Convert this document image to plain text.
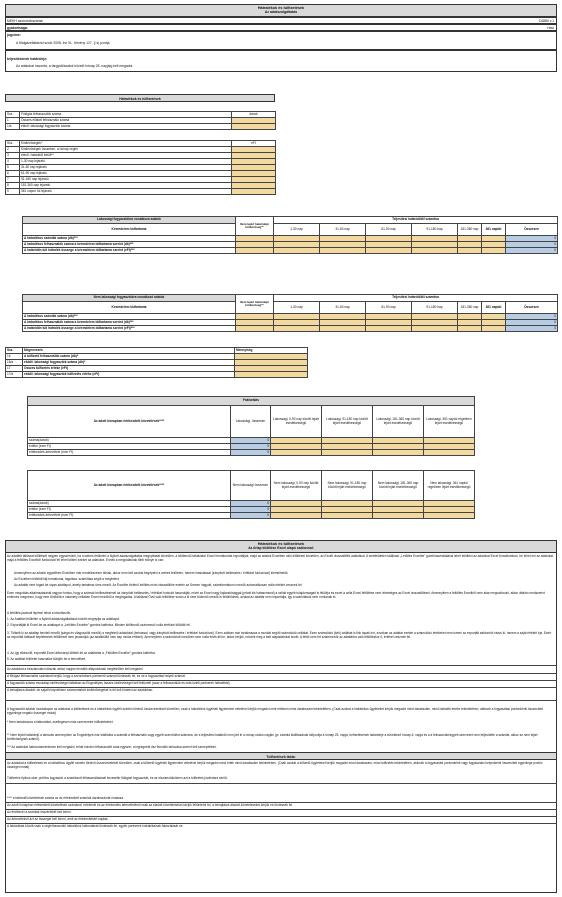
Hátralékok és túlfizetések
Az adatszolgáltatás
MEKH azonosítószáma:	C6880 v.1
gyakorisága:	Havi
jogcíme:
A földgázellátásról szóló 2008. évi XL. törvény 127. § s) pontja
teljesítésének határideje:
Az adatokat havonta, a tárgyidőszakot követő hónap 25. napjáig kell megadni.
Hátralékok és túlfizetések
Ssz.	Földgáz felhasználók száma	darab
1	Összes ellátott felhasználó száma	
1/a	ebből: lakossági fogyasztók száma	
Ssz.	Kintlévőségek*	eFt
2	Kintlévőségek összesen, a hónap végén	
3	ebből: határidőt belüli**	
4	1-30 nap lejáratú	
5	31-60 nap lejáratú	
6	61-90 nap lejáratú	
7	91-180 nap lejáratú	
8	181-360 nap lejáratú	
9	361 napon túl lejáratú	
Lakossági fogyasztókra vonatkozó adatok	Nem lejárt határidejű kintlévőség**	Teljesítési határidőtől számítva						
Kéemdelem kidfartama		1-30 nap	31-60 nap	61-90 nap	91-180 nap	181-360 nap	361 naptól	Összesen
A hátralékos számlák száma (db)***								0
A hátralékos felhasználók száma a kéemdelem időtartama szerint (db)***								0
A határidőn túli hátralék összege a kéemdelem időtartama szerint (eFt)***								0
Nem lakossági fogyasztókra vonatkozó adatok	Nem lejárt határidejű kintlévőség**	Teljesítési határidőtől számítva						
Kéemdelem kidfartama		1-30 nap	31-60 nap	61-90 nap	91-180 nap	181-360 nap	361 naptól	Összesen
A hátralékos számlák száma (db)***								0
A hátralékos felhasználók száma a kéemdelem időtartama szerint (db)***								0
A határidőn túli hátralék összege a kéemdelem időtartama szerint (eFt)***								0
Ssz.	Megnevezés	Mennyiség
16	A túlfizető felhasználók száma (db)*	
16/a	ebből: lakossági fogyasztók száma (db)*	
17	Összes túlfizetés értéke (eFt)	
17/a	ebből: lakossági fogyasztók túlfizetés értéke (eFt)	
Faktorálás					
Az adott hónapban értékesített követelések****	Lakossági, összesen	Lakossági, 0-90 nap között lejárt esedékességű	Lakossági, 91-180 nap között lejárt esedékességű	Lakossági, 181-360 nap között lejárt esedékességű	Lakossági, 361 naptól régebben lejárt esedékességű
száma(darab)	0				
értéke (ezer Ft)	0				
értékesítés árbevétele (ezer Ft)	0				
Az adott hónapban értékesített követelések****	Nem lakossági összesen	Nem lakossági, 0-90 nap között lejárt esedékességű	Nem lakossági, 91-180 nap között lejárt esedékességű	Nem lakossági, 181-360 nap között lejárt esedékességű	Nem lakossági, 361 naptól régebben lejárt esedékességű
száma(darab)	0				
értéke (ezer Ft)	0				
értékesítés árbevétele (ezer Ft)	0				
Hátralékok és túlfizetések
Az űrlap kitöltése Excel alapú sablonnal:
Az adatfelt táblázat kitöltését negyen egyszerűsíti, ha a webes felületen a Nyitott adatszolgáltatás megnyitását követően, a kitöltendő táblázatot Excel formátumba exportálják, majd az adatok Excelben való kitöltését követően, az Excelt visszatölték adatokkal. A webfelületen található „Letöltés Excelbe” gombhasználatával lehet letölteni az adatokat Excel formátumban, be lehet írni az adatokat, majd a feltöltés Excelből funkcióval fel lehet tölteni ezeket az adatokra. Ennek a megoldásnak több előnye is van:
Amennyiben az adatok egyidőben Excelben már rendelkezésre állnak, akkor nem kell azokat begépelni a webes felületen, hanem másolással (irányított beillesztés / értékkel funkcióval) kiemelhetők.
Az Excelben letöltött fájl formátuma, tagolása, számítása segíti a megértést.
Az adattár nem fogad be olyan adatlapot, amely tartalmaz üres mezőt. Az Excelbe történő letöltés mind visszatölthe esetén az Üresen hagyott, számformátumú mezők automatikusan nulla értéket vesznek fel.
Ezen megoldás alkalmazásánál nagyon fontos, hogy a számok beillesztésénél az irányított beillesztés / értékkel funkciót használják, mivel az Excel nagy hajlandósággal (privát kis hatasommal) a cellák egyéb tulajdonságait is felülírja és ezzel a cella Excel feltöltése nem lehetséges az Excel visszatöltésel. Amennyiben a feltöltés Excelből nem akar megvalósulni, akkor általán rendszerint érdemes megnézni, hogy nem törlődött-e valamely cellában Excel mezőből a megfogadás. A táblázat Övsi való feltöltése során a kl nem törlendő mezők is feltöltődnek, azokat az adattár nem importálja, így a számításuk nem romlanak el.
A feltöltés javasolt lépései tehát a következők:
1. Az Adattári felületén a Nyitott adatszolgáltatások között megnyitja az adatlapot.
2. Exportálják ki Excel-be az adatlapot a „Letöltés Excelbe” gombra kattintva. Minden kitöltendő számmező nulla értékkel töltődik fel.
3. Töltsék ki az adatlap beviteli mezőit (sárga és világoszöld mezők) a megfelelő adatokkal (beírással, vagy irányított beillesztés / értékkel funkcióval). Ezen zabban már tartalmazza a munkát segítő számolódó cellákat. Ezen számolódó (kék) cellákat is fixk tapak írni, ezzzkan az adattár ezeket a számolódó értékeket nem ismeri az exportált sablonból visszi ki, hanem a saját értékét írja. Ezért az exportált táblázat képletesnek feltöltését nem javasoljuk (az adatkitöltő nem kap mulás értéket). Amennyiben a számolóott mezőben nem nulla érték áll be, akkor kérjük, nézzék meg a bett alapadatokat ismét. A feltöl nem ért számmezők az adattárba való feltöltéskor 0, értéket vesznek fel.
4. Az így elkészült, exportált Excel állományt töltsék fel az adattárba a „Feltöltés Excelbe” gombra kattintva.
5. Az adattári felületet használva küldjék be a bérvolflvet.
Az adatokat a beszámolási időszak utolsó napján fennálló állapotoknak megfelelően kell megadni.
A földgáz felhasználók számánál kérjük, hogy a szerződéses partnerek számát tüntessék fel, és ne a fogyasztási helyek számát.
A fogyasztók száma munkalap kintlévőségei táblában az Engedélyes összes kintlévőségét kell feltünteti (azaz a felhasználók és más üzleti partnerek hátralékát).
A behajtásra átadott, de saját könyveikben számontartott kintlévőségeket is fel kell tüntetni az adatokban.
A fogyasztóit adatok munkalapon az adatokat a túlfizetések és a hátralékok ügyfélt szintén történő összevezetését követően, csak a hátralékos ügyfelek figyelembe vételével kérjük megadni mint értékem mind darabszám tekintetében. (Csak azokat a hátralékos ügyfeleket kérjük megadni mind darabszám, mind hátralék értéke tekintetében, akiknek a fogyasztási pontonkénti összesített egyenlege negatív összeget mutat)
* Nem tartalmazza a faktorálást, esetlegesen más szervezetre túlfizetéseket.
** Nem lejárt határidejű a tartozás amennyiben az Engedélyes már kiállította a számlát a felhasználó vagy egyéb szerződést számára, de a teljesítési határidő nem járt le a hónap utolsó napján (pl. számla kiállításának időpontja a hónap 25. napja, befizetésének határideje a következő hónap 6. napja és a a felhasználó/egyéb szervezet nem teljesítette a számlát, akkor az nem lejárt kintlévőségnek számít).
*** Az adatokat halmozásmentesen kell megadni, tehát minden felhasználót csak egyszer, a legrégebbi dsz fennálló tartozása szerint kell szerepeltetni.
Túlfizetések tábla:
Az adatokat a túlfizetések és a hátralékos ügyfél szintén történő összevezetését követően, csak a túlfizető ügyfelek figyelembe vételével kérjük megadni mind érték mind darabszám tekintetében. (Csak azokat a túlfizető ügyfeleket kérjük megadni mind darabszám, mind túlfizetés tekintetében, akiknek a fogyasztási pontonkénti vagy fogyasztási helyenkénti összesített egyenlege pozitív összeget mutat)
Túlfizetés típikus okai: profilos fogyasztó a számlázott felhasználásánál kevesebb földgázt fogyasztott, és az elszámolóközben azt a túlfizetés jóváírásra került.
**** a faktorált követelések száma az az értékesített számlák darabszámát mutassa.
Az adott hónapban értékesített követelések számánál, értékénél és az értékesítés árbevételénél csak az eladott követeléseket kérjük feltüntetni fel, a behajtásra átadott követeléseket kérjük ne tüntessék fel.
Az értékénél a számlák összértékét kell beírni.
Az árbevételnél azt az összeget kell beírni, amit az értékesítésért kaptak.
A faktorálást között csak a végfelhasználói hátralékok faktorálását tüntessék fel, egyéb partnerek hátralékainak faktorálását ne.
